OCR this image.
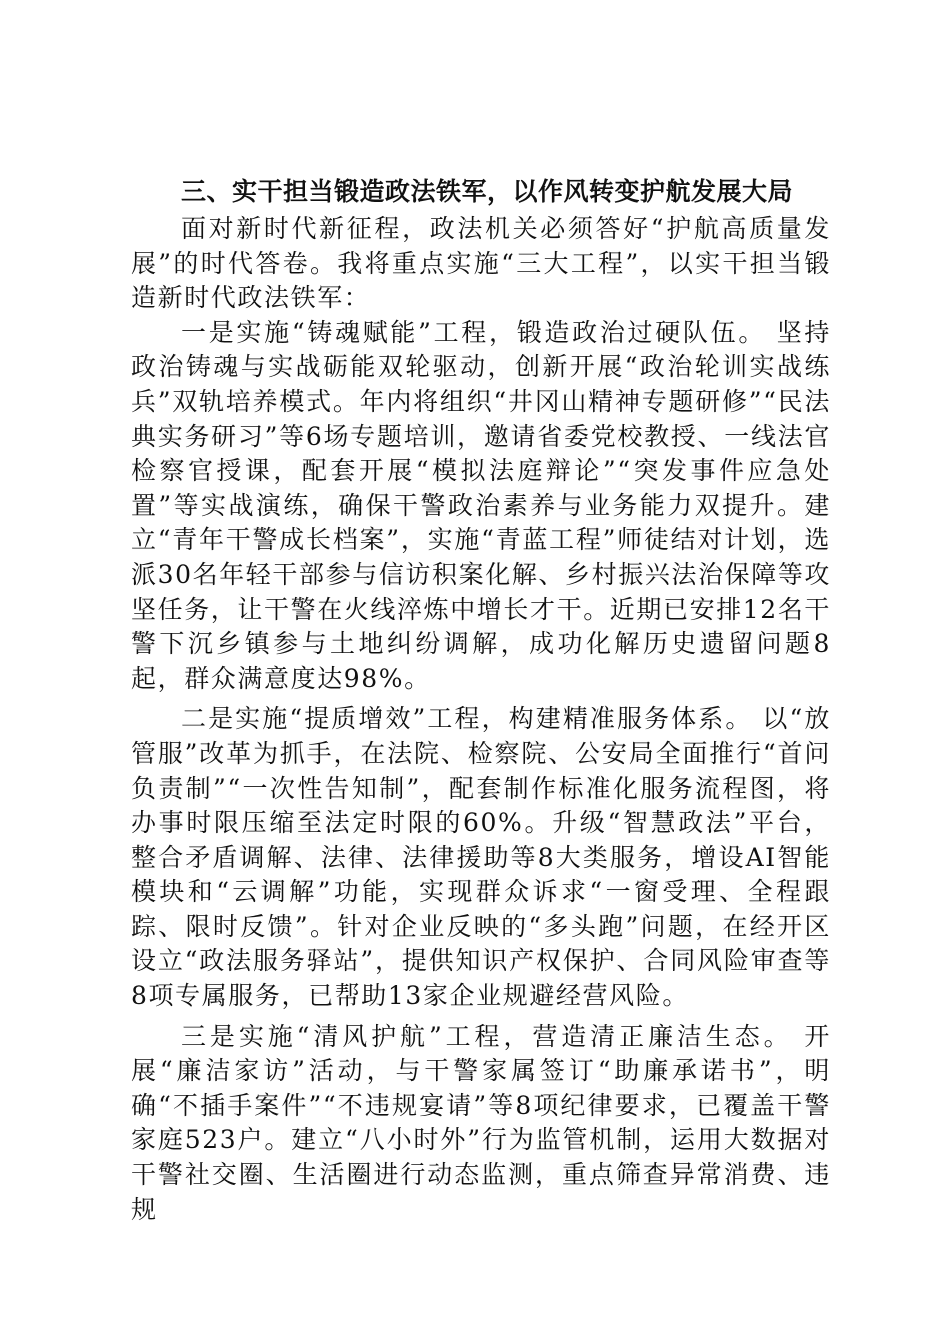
三、实干担当锻造政法铁军，以作风转变护航发展大局

面对新时代新征程，政法机关必须答好“护航高质量发展”的时代答卷。我将重点实施“三大工程”，以实干担当锻造新时代政法铁军：

一是实施“铸魂赋能”工程，锻造政治过硬队伍。 坚持政治铸魂与实战砺能双轮驱动，创新开展“政治轮训实战练兵”双轨培养模式。年内将组织“井冈山精神专题研修”“民法典实务研习”等6场专题培训，邀请省委党校教授、一线法官检察官授课，配套开展“模拟法庭辩论”“突发事件应急处置”等实战演练，确保干警政治素养与业务能力双提升。建立“青年干警成长档案”，实施“青蓝工程”师徒结对计划，选派30名年轻干部参与信访积案化解、乡村振兴法治保障等攻坚任务，让干警在火线淬炼中增长才干。近期已安排12名干警下沉乡镇参与土地纠纷调解，成功化解历史遗留问题8起，群众满意度达98%。

二是实施“提质增效”工程，构建精准服务体系。 以“放管服”改革为抓手，在法院、检察院、公安局全面推行“首问负责制”“一次性告知制”，配套制作标准化服务流程图，将办事时限压缩至法定时限的60%。升级“智慧政法”平台，整合矛盾调解、法律、法律援助等8大类服务，增设AI智能模块和“云调解”功能，实现群众诉求“一窗受理、全程跟踪、限时反馈”。针对企业反映的“多头跑”问题，在经开区设立“政法服务驿站”，提供知识产权保护、合同风险审查等8项专属服务，已帮助13家企业规避经营风险。

三是实施“清风护航”工程，营造清正廉洁生态。 开展“廉洁家访”活动，与干警家属签订“助廉承诺书”，明确“不插手案件”“不违规宴请”等8项纪律要求，已覆盖干警家庭523户。建立“八小时外”行为监管机制，运用大数据对干警社交圈、生活圈进行动态监测，重点筛查异常消费、违规
